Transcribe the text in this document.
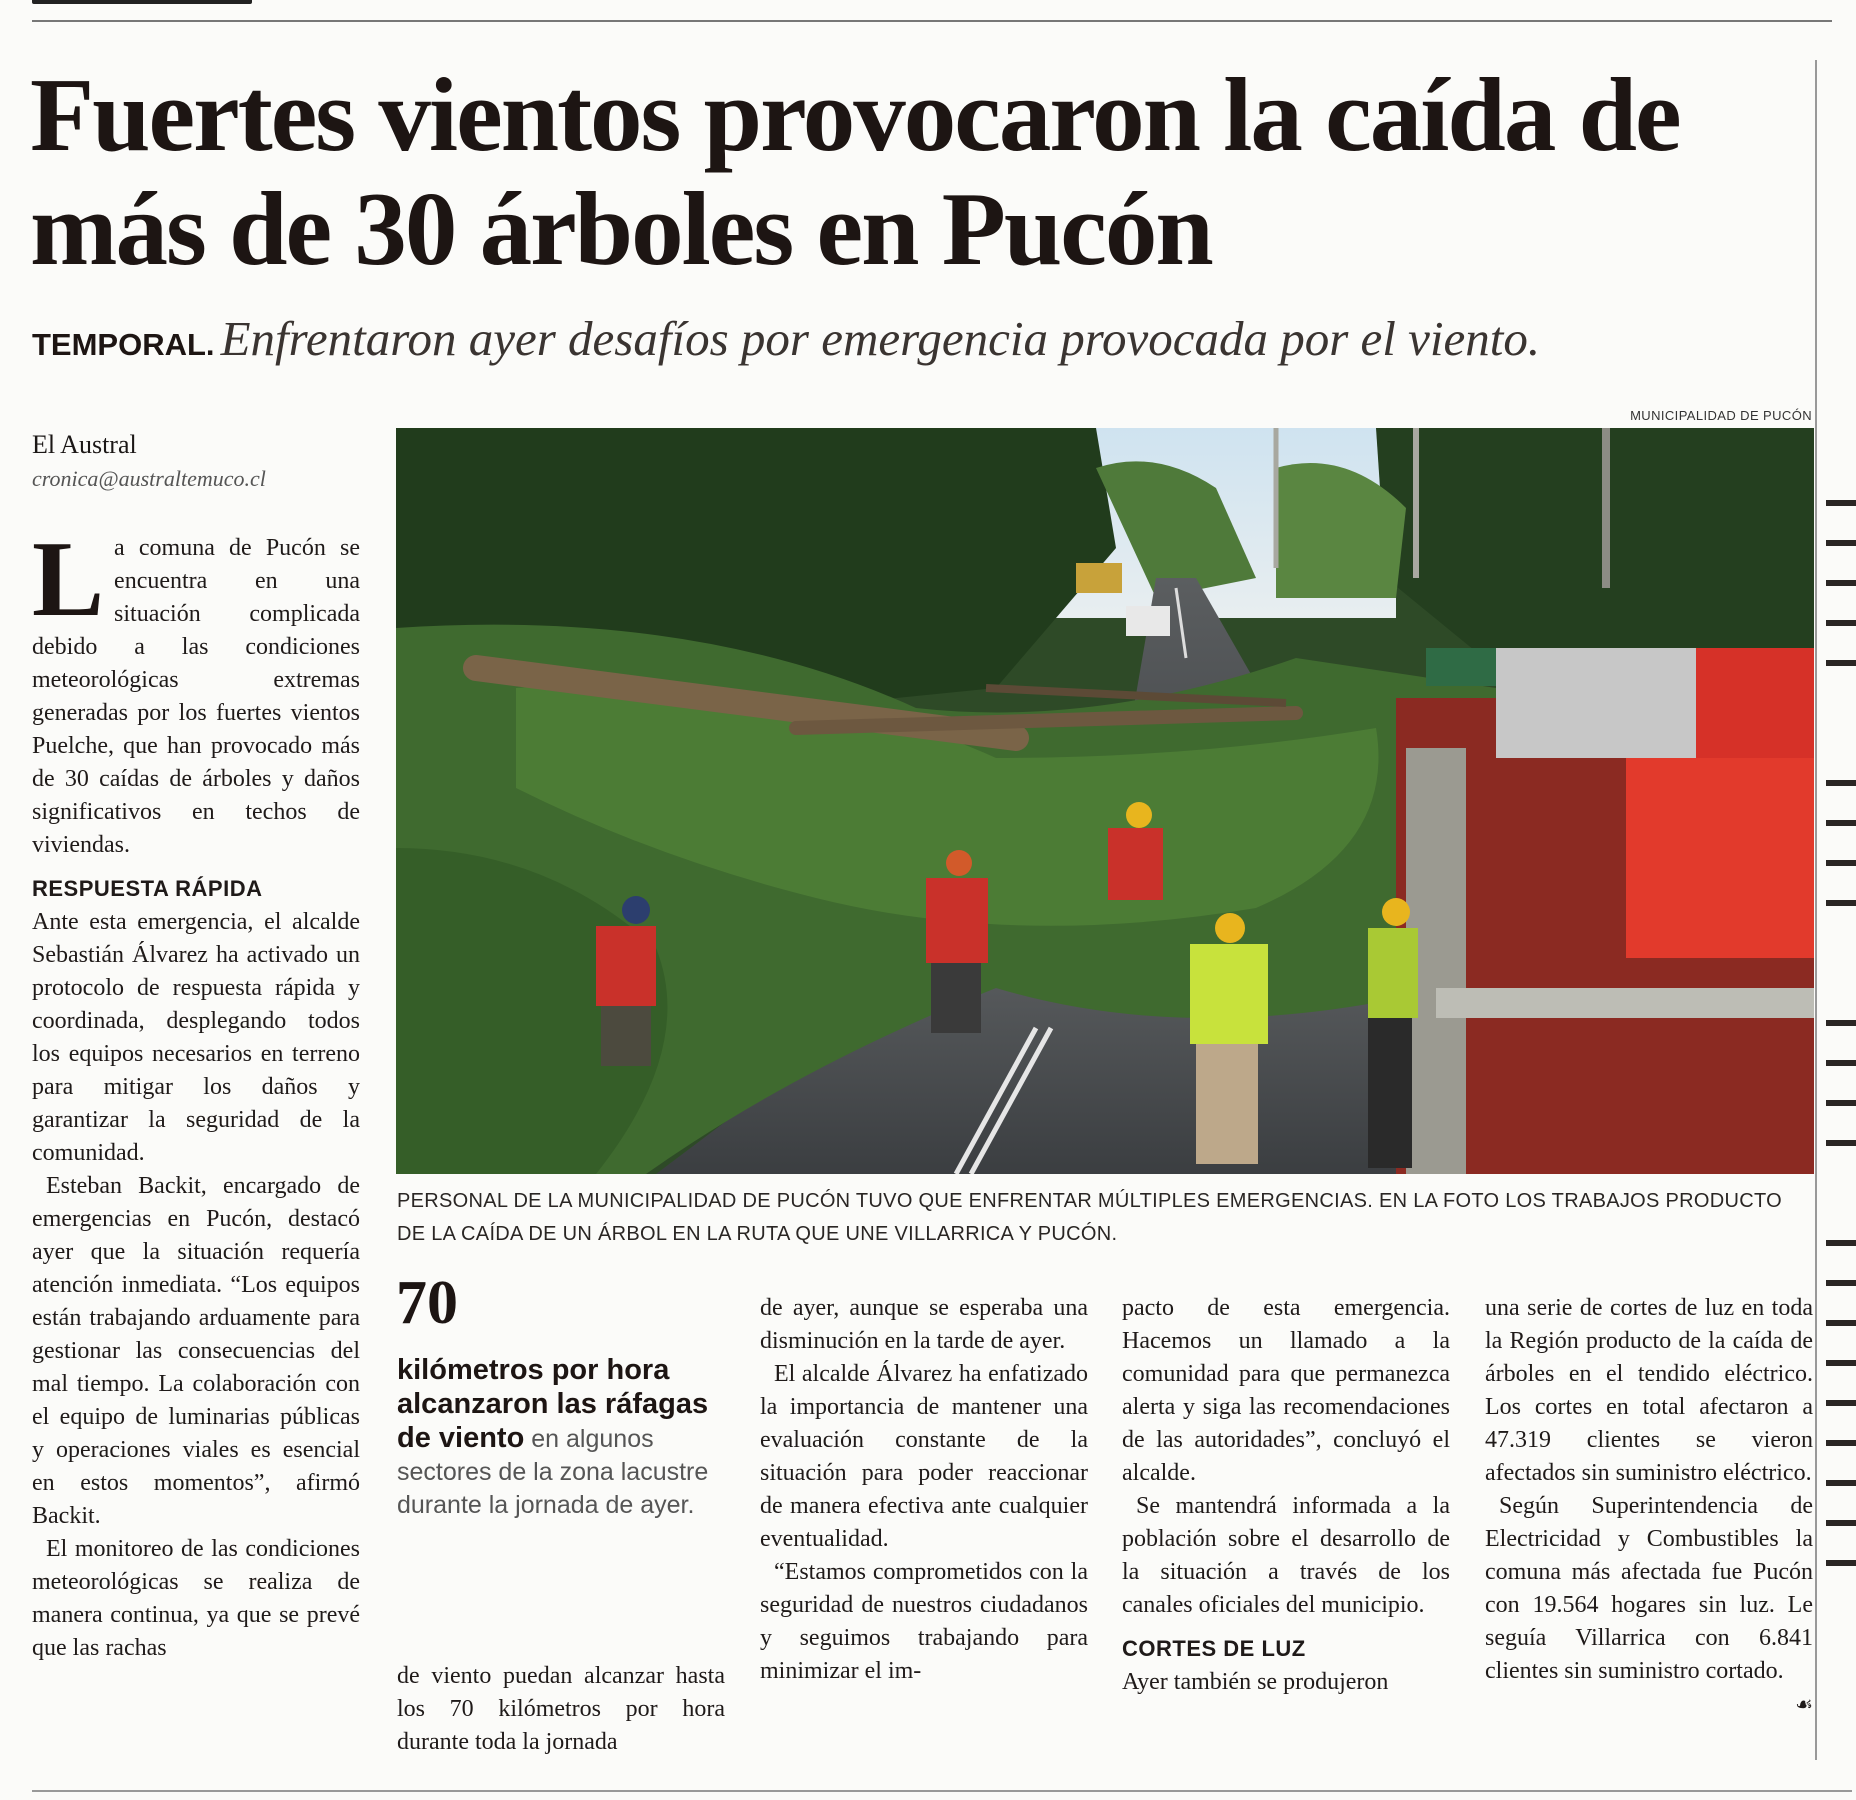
Fuertes vientos provocaron la caída de más de 30 árboles en Pucón

TEMPORAL. Enfrentaron ayer desafíos por emergencia provocada por el viento.

El Austral
cronica@australtemuco.cl

La comuna de Pucón se encuentra en una situación complicada debido a las condiciones meteorológicas extremas generadas por los fuertes vientos Puelche, que han provocado más de 30 caídas de árboles y daños significativos en techos de viviendas.

RESPUESTA RÁPIDA

Ante esta emergencia, el alcalde Sebastián Álvarez ha activado un protocolo de respuesta rápida y coordinada, desplegando todos los equipos necesarios en terreno para mitigar los daños y garantizar la seguridad de la comunidad.

Esteban Backit, encargado de emergencias en Pucón, destacó ayer que la situación requería atención inmediata. “Los equipos están trabajando arduamente para gestionar las consecuencias del mal tiempo. La colaboración con el equipo de luminarias públicas y operaciones viales es esencial en estos momentos”, afirmó Backit.

El monitoreo de las condiciones meteorológicas se realiza de manera continua, ya que se prevé que las rachas

MUNICIPALIDAD DE PUCÓN

PERSONAL DE LA MUNICIPALIDAD DE PUCÓN TUVO QUE ENFRENTAR MÚLTIPLES EMERGENCIAS. EN LA FOTO LOS TRABAJOS PRODUCTO DE LA CAÍDA DE UN ÁRBOL EN LA RUTA QUE UNE VILLARRICA Y PUCÓN.

70

kilómetros por hora alcanzaron las ráfagas de viento en algunos sectores de la zona lacustre durante la jornada de ayer.

de viento puedan alcanzar hasta los 70 kilómetros por hora durante toda la jornada

de ayer, aunque se esperaba una disminución en la tarde de ayer.

El alcalde Álvarez ha enfatizado la importancia de mantener una evaluación constante de la situación para poder reaccionar de manera efectiva ante cualquier eventualidad.

“Estamos comprometidos con la seguridad de nuestros ciudadanos y seguimos trabajando para minimizar el im-

pacto de esta emergencia. Hacemos un llamado a la comunidad para que permanezca alerta y siga las recomendaciones de las autoridades”, concluyó el alcalde.

Se mantendrá informada a la población sobre el desarrollo de la situación a través de los canales oficiales del municipio.

CORTES DE LUZ

Ayer también se produjeron

una serie de cortes de luz en toda la Región producto de la caída de árboles en el tendido eléctrico. Los cortes en total afectaron a 47.319 clientes se vieron afectados sin suministro eléctrico.

Según Superintendencia de Electricidad y Combustibles la comuna más afectada fue Pucón con 19.564 hogares sin luz. Le seguía Villarrica con 6.841 clientes sin suministro cortado.
☙
